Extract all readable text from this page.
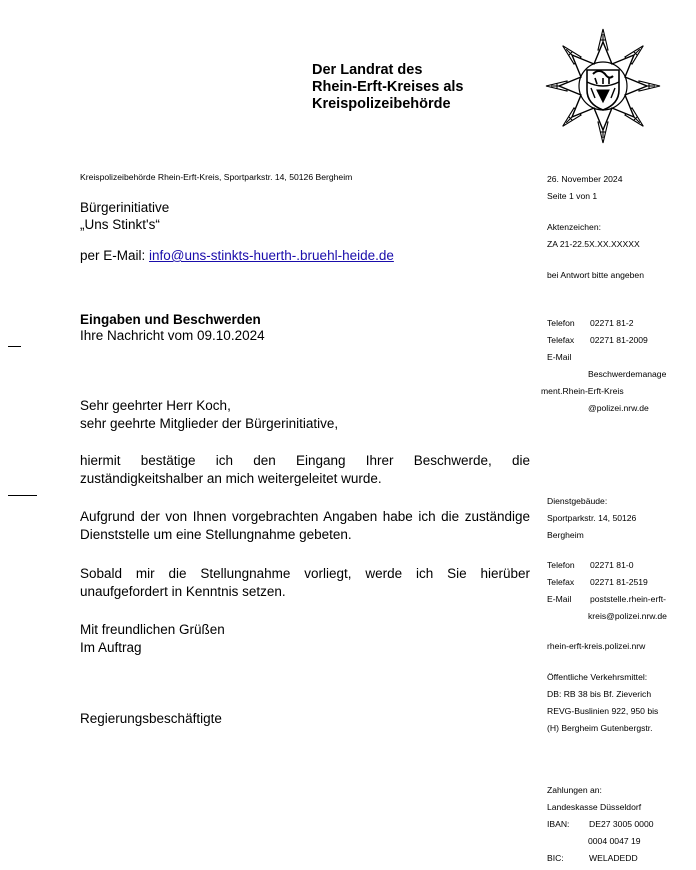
Der Landrat des
Rhein-Erft-Kreises als
Kreispolizeibehörde
Kreispolizeibehörde Rhein-Erft-Kreis, Sportparkstr. 14, 50126 Bergheim
Bürgerinitiative
„Uns Stinkt's“
per E-Mail: info@uns-stinkts-huerth-.bruehl-heide.de
Eingaben und Beschwerden
Ihre Nachricht vom 09.10.2024
Sehr geehrter Herr Koch,
sehr geehrte Mitglieder der Bürgerinitiative,
hiermit bestätige ich den Eingang Ihrer Beschwerde, die zuständigkeitshalber an mich weitergeleitet wurde.
Aufgrund der von Ihnen vorgebrachten Angaben habe ich die zuständige Dienststelle um eine Stellungnahme gebeten.
Sobald mir die Stellungnahme vorliegt, werde ich Sie hierüber unaufgefordert in Kenntnis setzen.
Mit freundlichen Grüßen
Im Auftrag
Regierungsbeschäftigte
26. November 2024
Seite 1 von 1
Aktenzeichen:
ZA 21-22.5X.XX.XXXXX
bei Antwort bitte angeben
Telefon 02271 81-2
Telefax 02271 81-2009
E-Mail
Beschwerdemanage
ment.Rhein-Erft-Kreis
@polizei.nrw.de
Dienstgebäude:
Sportparkstr. 14, 50126
Bergheim
Telefon 02271 81-0
Telefax 02271 81-2519
E-Mail poststelle.rhein-erft-
kreis@polizei.nrw.de
rhein-erft-kreis.polizei.nrw
Öffentliche Verkehrsmittel:
DB: RB 38 bis Bf. Zieverich
REVG-Buslinien 922, 950 bis
(H) Bergheim Gutenbergstr.
Zahlungen an:
Landeskasse Düsseldorf
IBAN: DE27 3005 0000
0004 0047 19
BIC:	WELADEDD
